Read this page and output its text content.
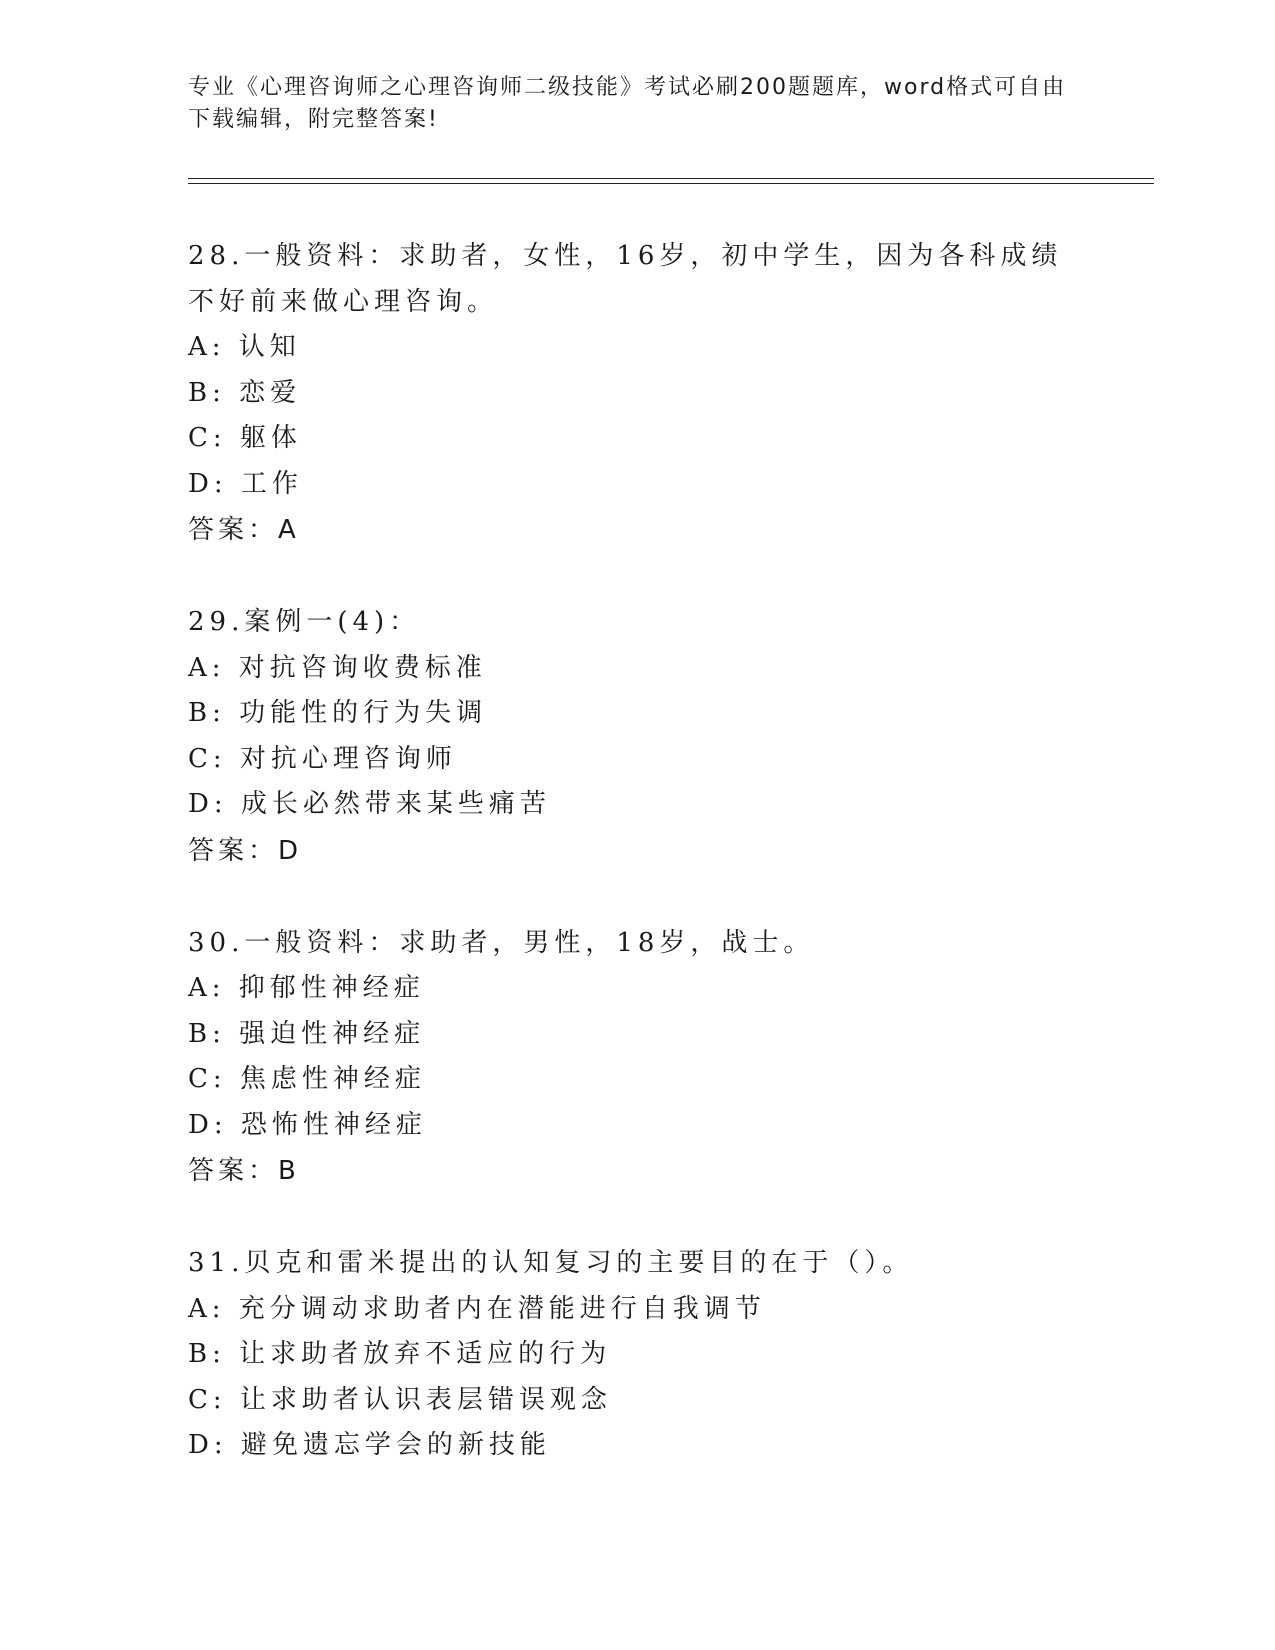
专业《心理咨询师之心理咨询师二级技能》考试必刷200题题库，word格式可自由下载编辑，附完整答案!
28.一般资料：求助者，女性，16岁，初中学生，因为各科成绩不好前来做心理咨询。
A: 认知
B: 恋爱
C: 躯体
D: 工作
答案：A
29.案例一(4)：
A: 对抗咨询收费标准
B: 功能性的行为失调
C: 对抗心理咨询师
D: 成长必然带来某些痛苦
答案：D
30.一般资料：求助者，男性，18岁，战士。
A: 抑郁性神经症
B: 强迫性神经症
C: 焦虑性神经症
D: 恐怖性神经症
答案：B
31.贝克和雷米提出的认知复习的主要目的在于（）。
A: 充分调动求助者内在潜能进行自我调节
B: 让求助者放弃不适应的行为
C: 让求助者认识表层错误观念
D: 避免遗忘学会的新技能
